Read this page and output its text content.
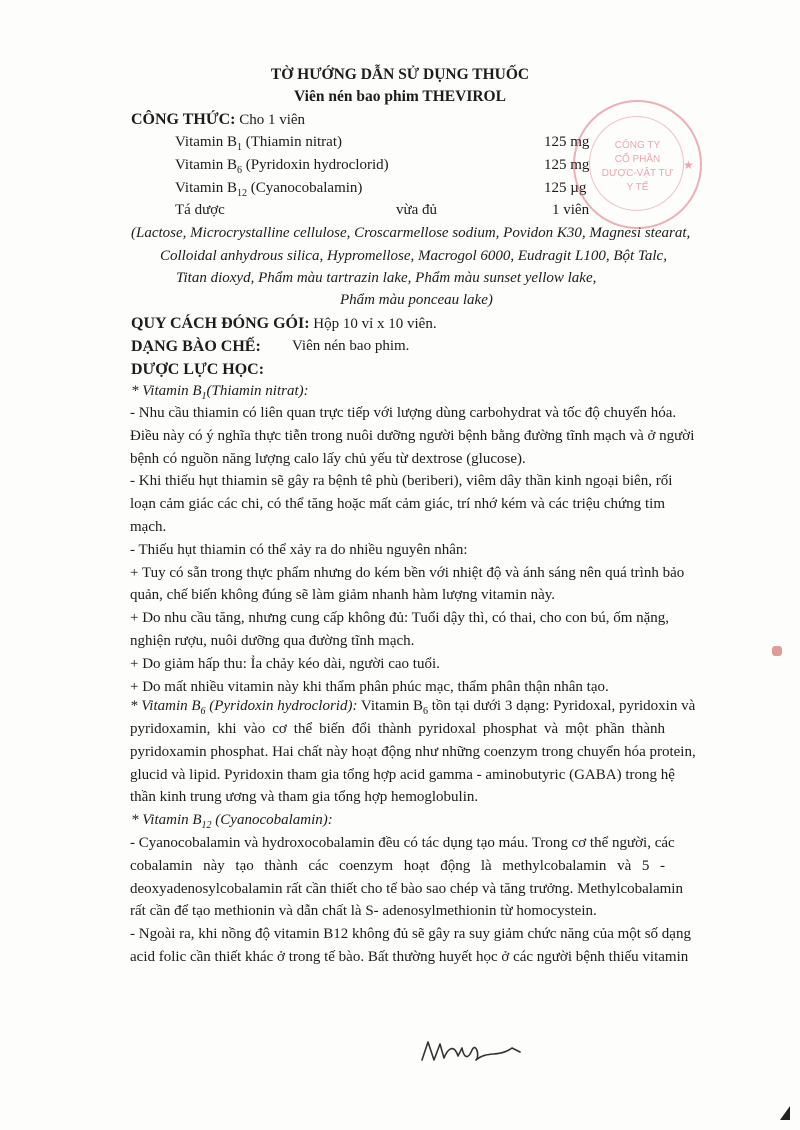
TỜ HƯỚNG DẪN SỬ DỤNG THUỐC
Viên nén bao phim THEVIROL
CÔNG THỨC: Cho 1 viên
Vitamin $B_1$ (Thiamin nitrat)	125 mg
Vitamin $B_6$ (Pyridoxin hydroclorid)	125 mg
Vitamin $B_{12}$ (Cyanocobalamin)	125 µg
Tá dược	vừa đủ	1 viên
(Lactose, Microcrystalline cellulose, Croscarmellose sodium, Povidon K30, Magnesi stearat,
Colloidal anhydrous silica, Hypromellose, Macrogol 6000, Eudragit L100, Bột Talc,
Titan dioxyd, Phẩm màu tartrazin lake, Phẩm màu sunset yellow lake,
Phẩm màu ponceau lake)
QUY CÁCH ĐÓNG GÓI: Hộp 10 vỉ x 10 viên.
DẠNG BÀO CHẾ: Viên nén bao phim.
DƯỢC LỰC HỌC:
* Vitamin $B_1(Thiamin$ nitrat):
- Nhu cầu thiamin có liên quan trực tiếp với lượng dùng carbohydrat và tốc độ chuyển hóa.
Điều này có ý nghĩa thực tiễn trong nuôi dưỡng người bệnh bằng đường tĩnh mạch và ở người
bệnh có nguồn năng lượng calo lấy chủ yếu từ dextrose (glucose).
- Khi thiếu hụt thiamin sẽ gây ra bệnh tê phù (beriberi), viêm dây thần kinh ngoại biên, rối
loạn cảm giác các chi, có thể tăng hoặc mất cảm giác, trí nhớ kém và các triệu chứng tim
mạch.
- Thiếu hụt thiamin có thể xảy ra do nhiều nguyên nhân:
+ Tuy có sẵn trong thực phẩm nhưng do kém bền với nhiệt độ và ánh sáng nên quá trình bảo
quản, chế biến không đúng sẽ làm giảm nhanh hàm lượng vitamin này.
+ Do nhu cầu tăng, nhưng cung cấp không đủ: Tuổi dậy thì, có thai, cho con bú, ốm nặng,
nghiện rượu, nuôi dưỡng qua đường tĩnh mạch.
+ Do giảm hấp thu: Ỉa chảy kéo dài, người cao tuổi.
+ Do mất nhiều vitamin này khi thẩm phân phúc mạc, thẩm phân thận nhân tạo.
* Vitamin $B_6$ (Pyridoxin hydroclorid): Vitamin $B_6$ tồn tại dưới 3 dạng: Pyridoxal, pyridoxin và
pyridoxamin, khi vào cơ thể biến đổi thành pyridoxal phosphat và một phần thành
pyridoxamin phosphat. Hai chất này hoạt động như những coenzym trong chuyển hóa protein,
glucid và lipid. Pyridoxin tham gia tổng hợp acid gamma - aminobutyric (GABA) trong hệ
thần kinh trung ương và tham gia tổng hợp hemoglobulin.
* Vitamin $B_{12}$ (Cyanocobalamin):
- Cyanocobalamin và hydroxocobalamin đều có tác dụng tạo máu. Trong cơ thể người, các
cobalamin này tạo thành các coenzym hoạt động là methylcobalamin và 5 -
deoxyadenosylcobalamin rất cần thiết cho tế bào sao chép và tăng trưởng. Methylcobalamin
rất cần để tạo methionin và dẫn chất là S- adenosylmethionin từ homocystein.
- Ngoài ra, khi nồng độ vitamin B12 không đủ sẽ gây ra suy giảm chức năng của một số dạng
acid folic cần thiết khác ở trong tế bào. Bất thường huyết học ở các người bệnh thiếu vitamin
CÔNG TY
CỔ PHẦN
DƯỢC-VẬT TƯ
Y TẾ
★
